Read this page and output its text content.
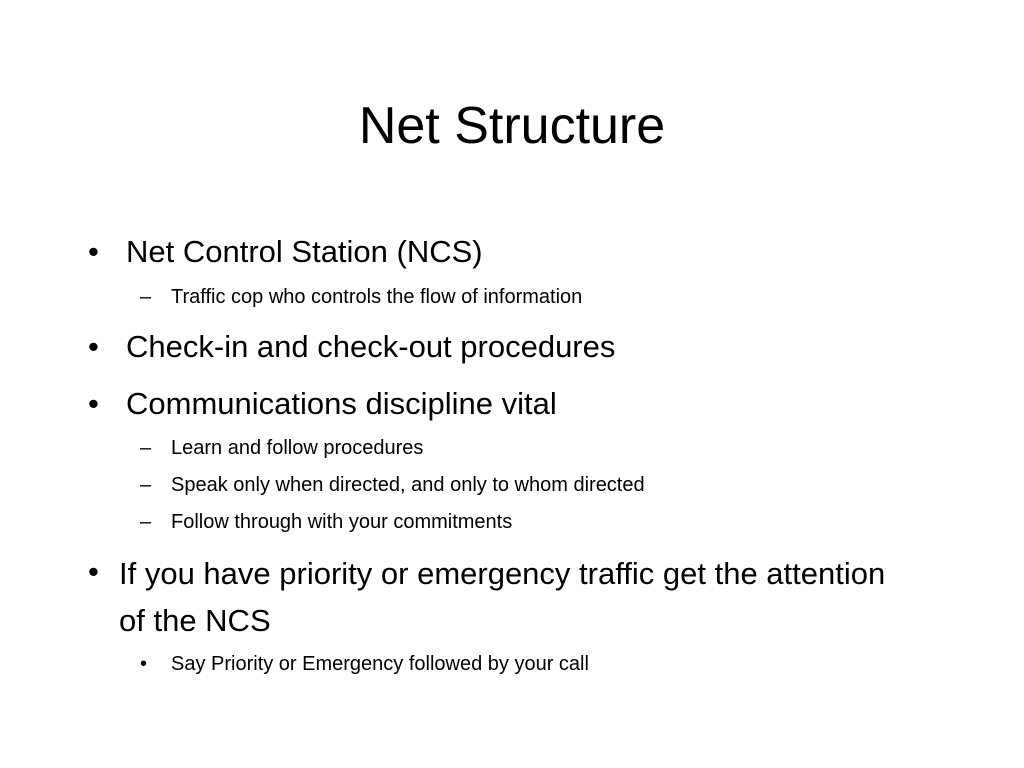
Net Structure
• Net Control Station (NCS)
– Traffic cop who controls the flow of information
• Check-in and check-out procedures
• Communications discipline vital
– Learn and follow procedures
– Speak only when directed, and only to whom directed
– Follow through with your commitments
• If you have priority or emergency traffic get the attention of the NCS
• Say Priority or Emergency followed by your call
